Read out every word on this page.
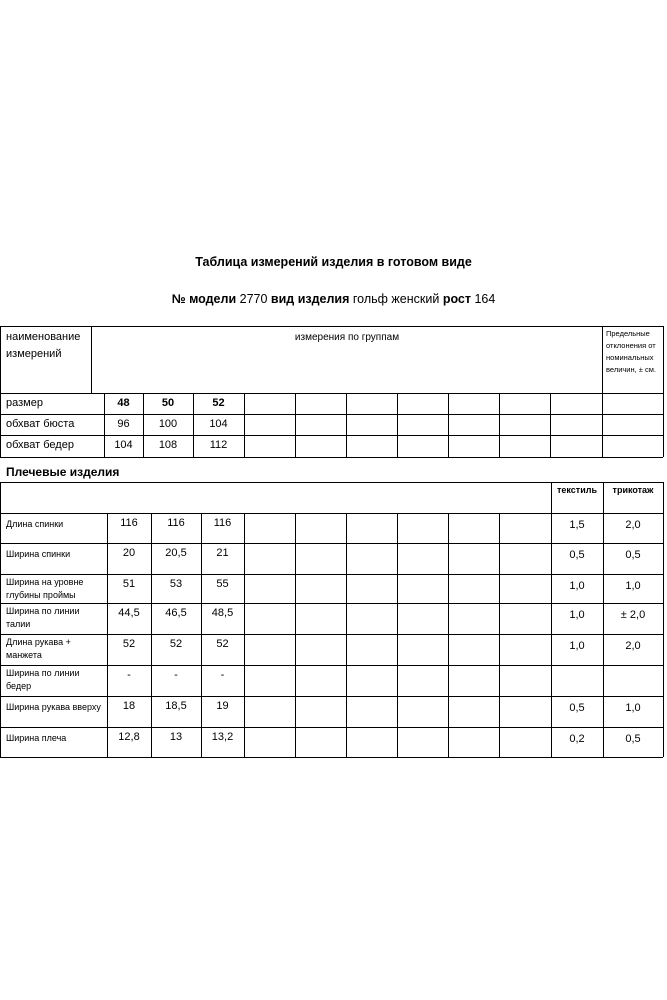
Таблица измерений изделия в готовом виде
№ модели 2770 вид изделия гольф женский рост 164
наименование
измерений
измерения по группам	Предельные
отклонения от
номинальных
величин, ± см.
размер	48	50	52
обхват бюста	96	100	104
обхват бедер	104	108	112
Плечевые изделия
текстиль	трикотаж
Длина спинки	116	116	116	1,5	2,0
Ширина спинки	20	20,5	21	0,5	0,5
Ширина на уровне
глубины проймы
51	53	55	1,0	1,0
Ширина по линии
талии
44,5	46,5	48,5	1,0	± 2,0
Длина рукава +
манжета
52	52	52	1,0	2,0
Ширина по линии
бедер
-	-	-
Ширина рукава вверху	18	18,5	19	0,5	1,0
Ширина плеча	12,8	13	13,2	0,2	0,5
